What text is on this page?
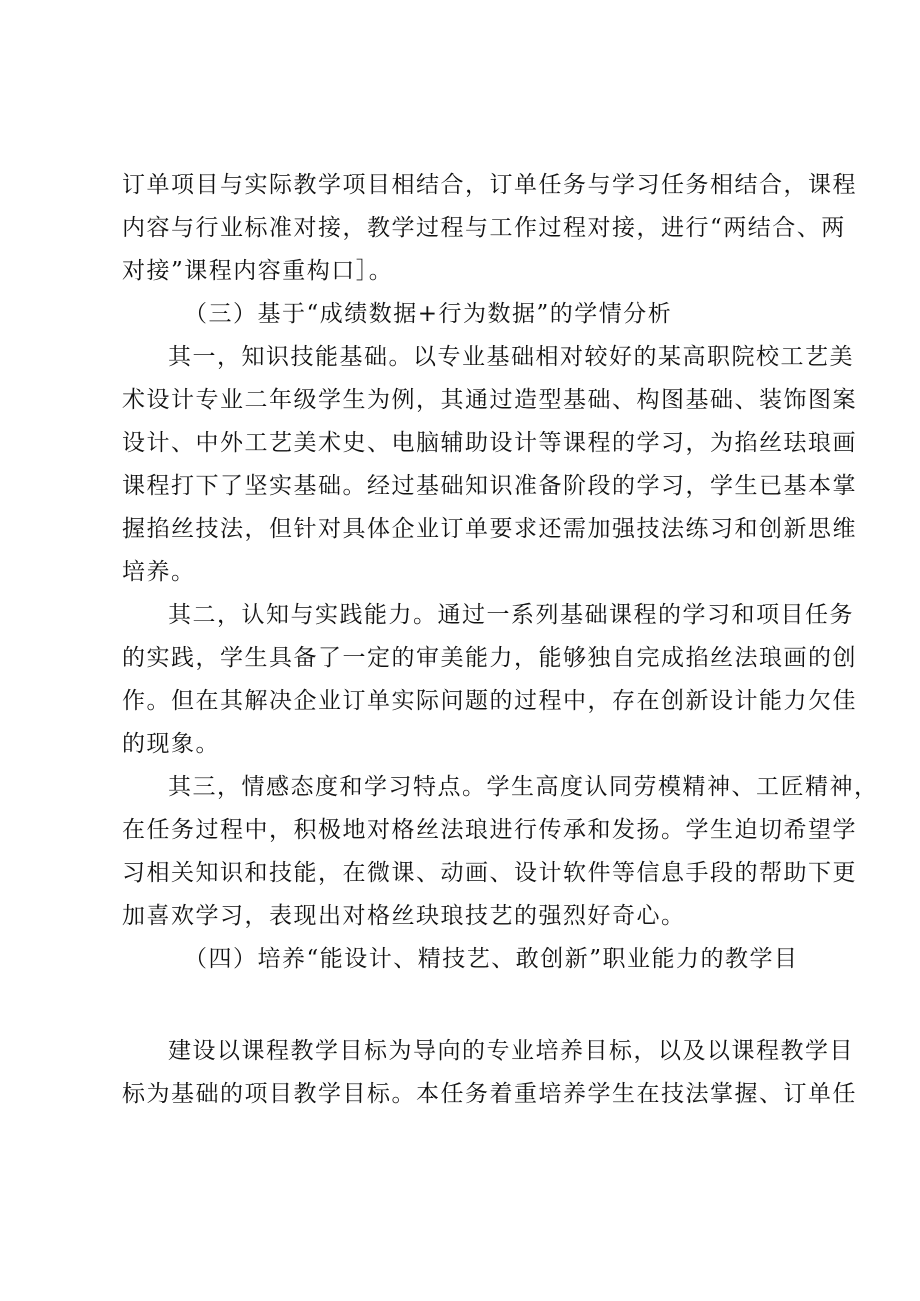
订单项目与实际教学项目相结合，订单任务与学习任务相结合，课程
内容与行业标准对接，教学过程与工作过程对接，进行“两结合、两
对接”课程内容重构口］。
（三）基于“成绩数据+行为数据”的学情分析
其一，知识技能基础。以专业基础相对较好的某高职院校工艺美
术设计专业二年级学生为例，其通过造型基础、构图基础、装饰图案
设计、中外工艺美术史、电脑辅助设计等课程的学习，为掐丝珐琅画
课程打下了坚实基础。经过基础知识准备阶段的学习，学生已基本掌
握掐丝技法，但针对具体企业订单要求还需加强技法练习和创新思维
培养。
其二，认知与实践能力。通过一系列基础课程的学习和项目任务
的实践，学生具备了一定的审美能力，能够独自完成掐丝法琅画的创
作。但在其解决企业订单实际问题的过程中，存在创新设计能力欠佳
的现象。
其三，情感态度和学习特点。学生高度认同劳模精神、工匠精神，
在任务过程中，积极地对格丝法琅进行传承和发扬。学生迫切希望学
习相关知识和技能，在微课、动画、设计软件等信息手段的帮助下更
加喜欢学习，表现出对格丝玦琅技艺的强烈好奇心。
（四）培养“能设计、精技艺、敢创新”职业能力的教学目
建设以课程教学目标为导向的专业培养目标，以及以课程教学目
标为基础的项目教学目标。本任务着重培养学生在技法掌握、订单任
